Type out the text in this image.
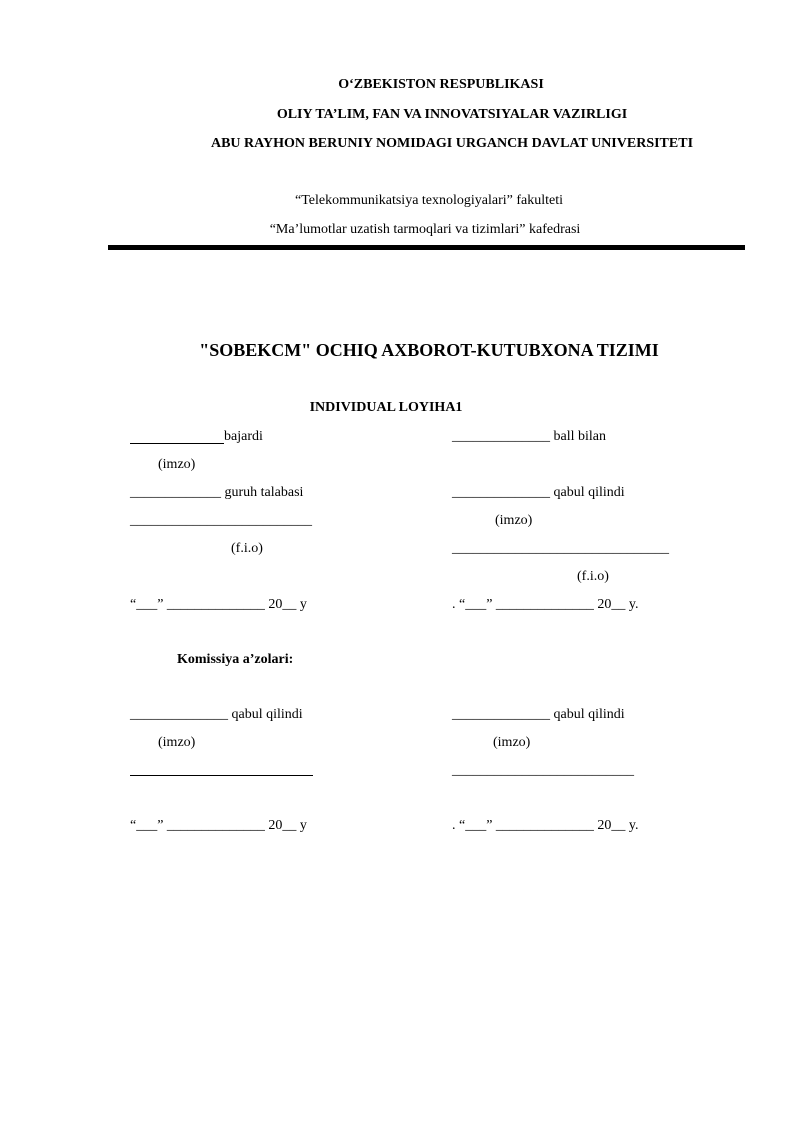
O‘ZBEKISTON RESPUBLIKASI
OLIY TA’LIM, FAN VA INNOVATSIYALAR VAZIRLIGI
ABU RAYHON BERUNIY NOMIDAGI URGANCH DAVLAT UNIVERSITETI
“Telekommunikatsiya texnologiyalari” fakulteti
“Ma’lumotlar uzatish tarmoqlari va tizimlari” kafedrasi
"SOBEKCM" OCHIQ AXBOROT-KUTUBXONA TIZIMI
INDIVIDUAL LOYIHA1
bajardi
(imzo)
_____________ guruh talabasi
__________________________
(f.i.o)
“___” ______________ 20__ y
______________ ball bilan
______________ qabul qilindi
(imzo)
_______________________________
(f.i.o)
. “___” ______________ 20__ y.
Komissiya a’zolari:
______________ qabul qilindi
(imzo)
“___” ______________ 20__ y
______________ qabul qilindi
(imzo)
__________________________
. “___” ______________ 20__ y.
